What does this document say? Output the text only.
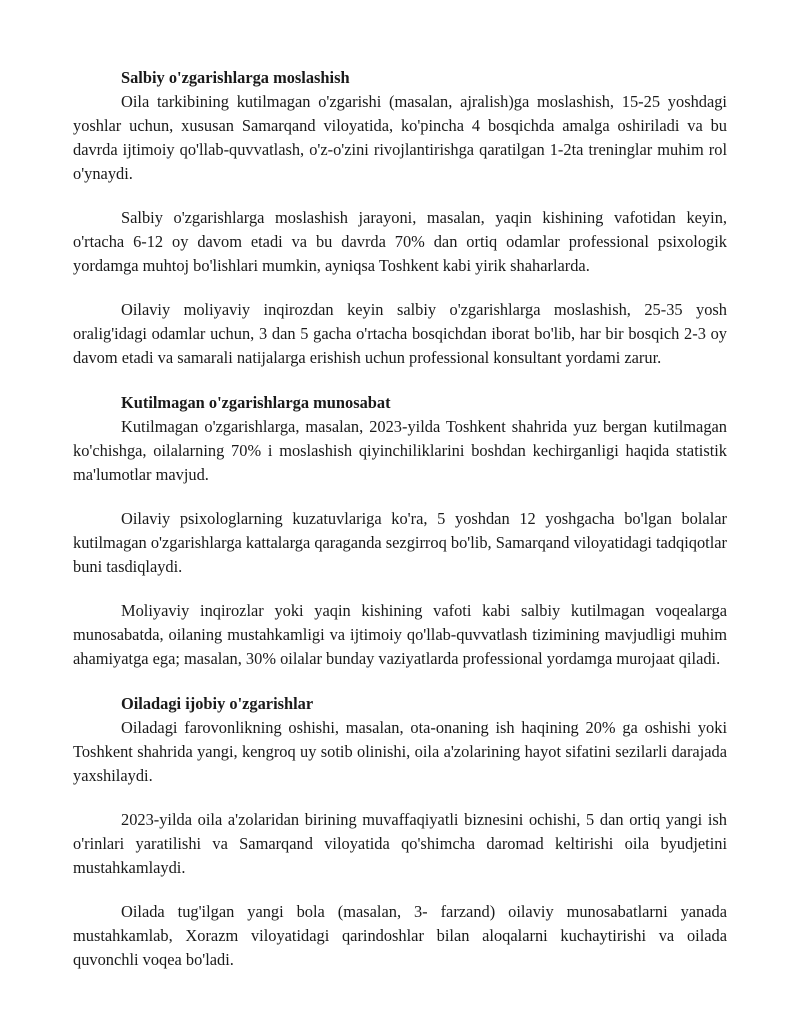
Salbiy o'zgarishlarga moslashish

Oila tarkibining kutilmagan o'zgarishi (masalan, ajralish)ga moslashish, 15-25 yoshdagi yoshlar uchun, xususan Samarqand viloyatida, ko'pincha 4 bosqichda amalga oshiriladi va bu davrda ijtimoiy qo'llab-quvvatlash, o'z-o'zini rivojlantirishga qaratilgan 1-2ta treninglar muhim rol o'ynaydi.

Salbiy o'zgarishlarga moslashish jarayoni, masalan, yaqin kishining vafotidan keyin, o'rtacha 6-12 oy davom etadi va bu davrda 70% dan ortiq odamlar professional psixologik yordamga muhtoj bo'lishlari mumkin, ayniqsa Toshkent kabi yirik shaharlarda.

Oilaviy moliyaviy inqirozdan keyin salbiy o'zgarishlarga moslashish, 25-35 yosh oralig'idagi odamlar uchun, 3 dan 5 gacha o'rtacha bosqichdan iborat bo'lib, har bir bosqich 2-3 oy davom etadi va samarali natijalarga erishish uchun professional konsultant yordami zarur.

Kutilmagan o'zgarishlarga munosabat

Kutilmagan o'zgarishlarga, masalan, 2023-yilda Toshkent shahrida yuz bergan kutilmagan ko'chishga, oilalarning 70% i moslashish qiyinchiliklarini boshdan kechirganligi haqida statistik ma'lumotlar mavjud.

Oilaviy psixologlarning kuzatuvlariga ko'ra, 5 yoshdan 12 yoshgacha bo'lgan bolalar kutilmagan o'zgarishlarga kattalarga qaraganda sezgirroq bo'lib, Samarqand viloyatidagi tadqiqotlar buni tasdiqlaydi.

Moliyaviy inqirozlar yoki yaqin kishining vafoti kabi salbiy kutilmagan voqealarga munosabatda, oilaning mustahkamligi va ijtimoiy qo'llab-quvvatlash tizimining mavjudligi muhim ahamiyatga ega; masalan, 30% oilalar bunday vaziyatlarda professional yordamga murojaat qiladi.

Oiladagi ijobiy o'zgarishlar

Oiladagi farovonlikning oshishi, masalan, ota-onaning ish haqining 20% ga oshishi yoki Toshkent shahrida yangi, kengroq uy sotib olinishi, oila a'zolarining hayot sifatini sezilarli darajada yaxshilaydi.

2023-yilda oila a'zolaridan birining muvaffaqiyatli biznesini ochishi, 5 dan ortiq yangi ish o'rinlari yaratilishi va Samarqand viloyatida qo'shimcha daromad keltirishi oila byudjetini mustahkamlaydi.

Oilada tug'ilgan yangi bola (masalan, 3- farzand) oilaviy munosabatlarni yanada mustahkamlab, Xorazm viloyatidagi qarindoshlar bilan aloqalarni kuchaytirishi va oilada quvonchli voqea bo'ladi.
